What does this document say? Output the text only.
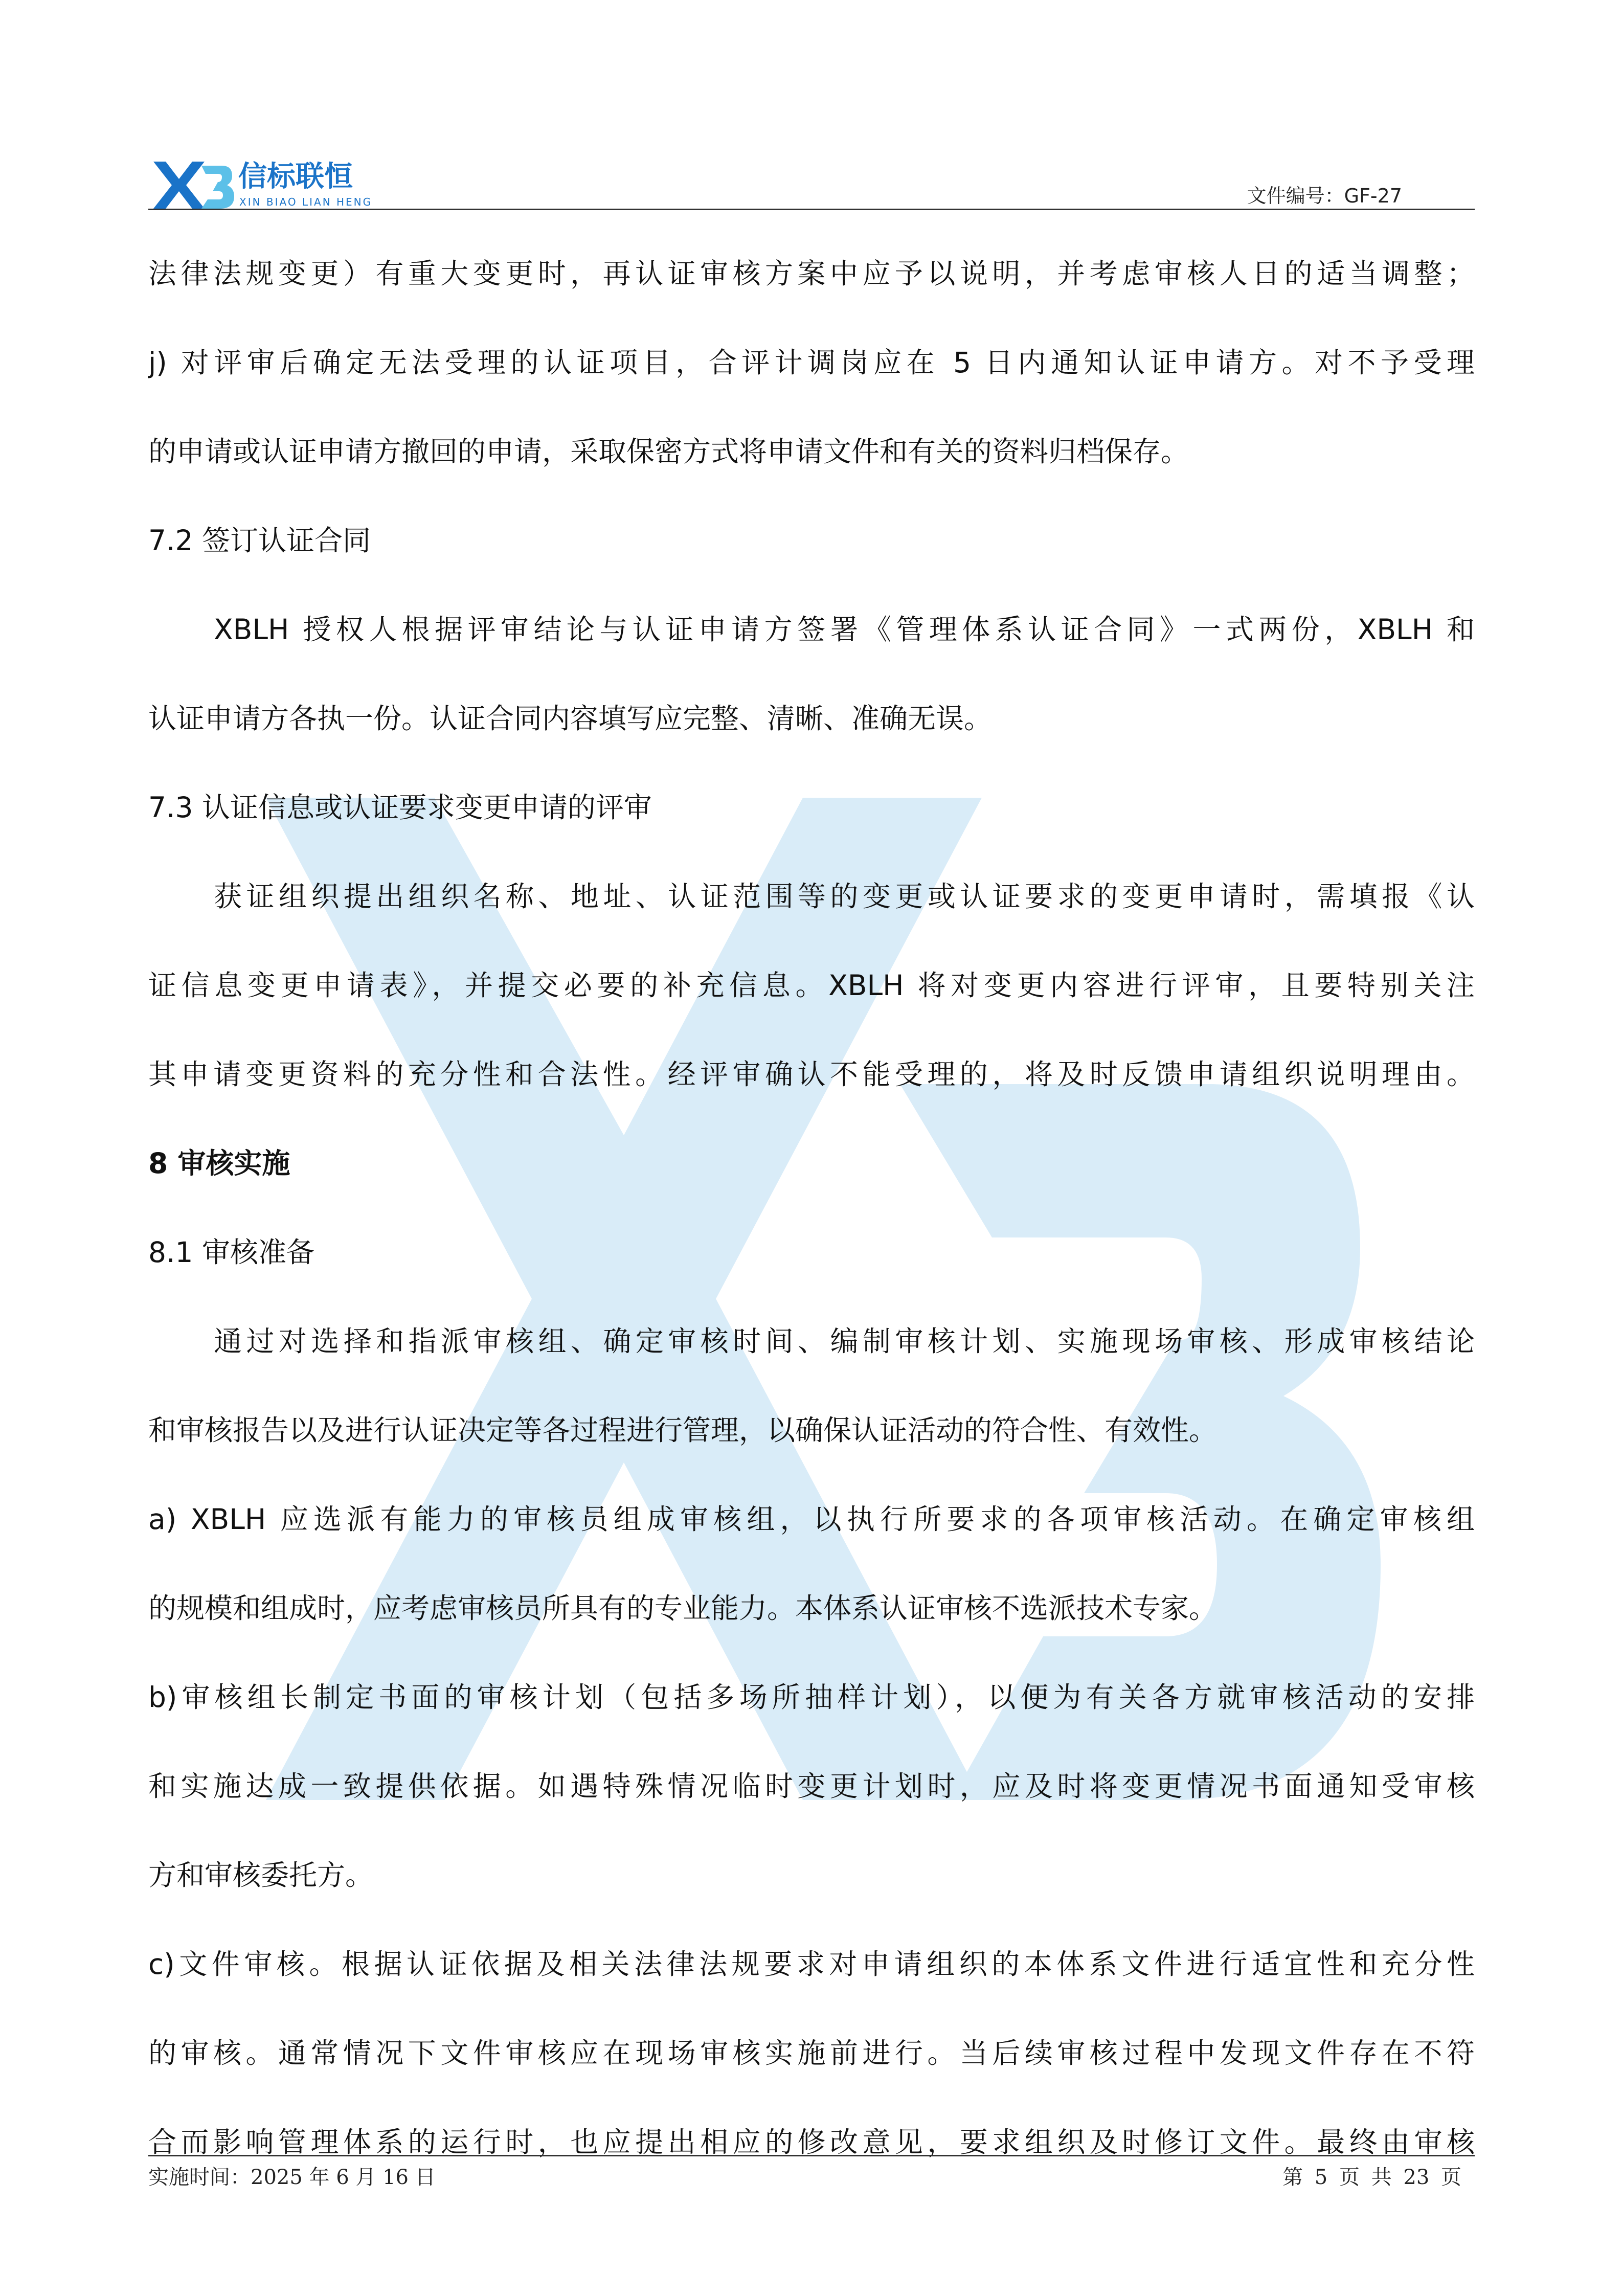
信标联恒
XIN BIAO LIAN HENG	文件编号：GF-27

法律法规变更）有重大变更时，再认证审核方案中应予以说明，并考虑审核人日的适当调整；

j) 对评审后确定无法受理的认证项目，合评计调岗应在 5 日内通知认证申请方。对不予受理

的申请或认证申请方撤回的申请，采取保密方式将申请文件和有关的资料归档保存。

7.2 签订认证合同

XBLH 授权人根据评审结论与认证申请方签署《管理体系认证合同》一式两份，XBLH 和

认证申请方各执一份。认证合同内容填写应完整、清晰、准确无误。

7.3 认证信息或认证要求变更申请的评审

获证组织提出组织名称、地址、认证范围等的变更或认证要求的变更申请时，需填报《认

证信息变更申请表》，并提交必要的补充信息。XBLH 将对变更内容进行评审，且要特别关注

其申请变更资料的充分性和合法性。经评审确认不能受理的，将及时反馈申请组织说明理由。

8 审核实施

8.1 审核准备

通过对选择和指派审核组、确定审核时间、编制审核计划、实施现场审核、形成审核结论

和审核报告以及进行认证决定等各过程进行管理，以确保认证活动的符合性、有效性。

a) XBLH 应选派有能力的审核员组成审核组，以执行所要求的各项审核活动。在确定审核组

的规模和组成时，应考虑审核员所具有的专业能力。本体系认证审核不选派技术专家。

b)审核组长制定书面的审核计划（包括多场所抽样计划），以便为有关各方就审核活动的安排

和实施达成一致提供依据。如遇特殊情况临时变更计划时，应及时将变更情况书面通知受审核

方和审核委托方。

c)文件审核。根据认证依据及相关法律法规要求对申请组织的本体系文件进行适宜性和充分性

的审核。通常情况下文件审核应在现场审核实施前进行。当后续审核过程中发现文件存在不符

合而影响管理体系的运行时，也应提出相应的修改意见，要求组织及时修订文件。最终由审核

实施时间：2025 年 6 月 16 日	第 5 页 共 23 页
